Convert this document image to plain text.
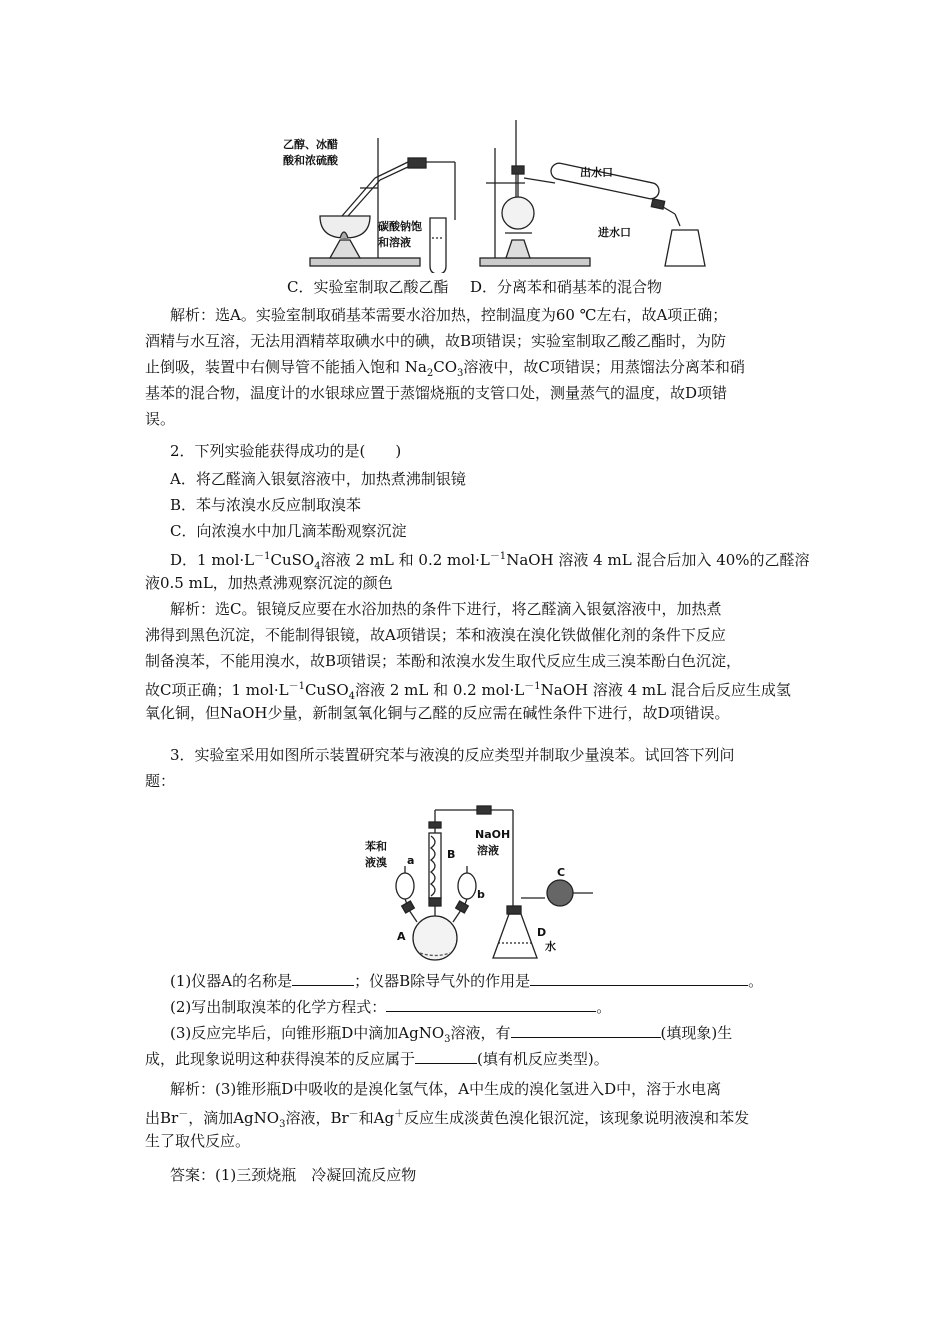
乙醇、冰醋
酸和浓硫酸
碳酸钠饱
和溶液
出水口
进水口
C．实验室制取乙酸乙酯 D．分离苯和硝基苯的混合物
解析：选A。实验室制取硝基苯需要水浴加热，控制温度为60 ℃左右，故A项正确；
酒精与水互溶，无法用酒精萃取碘水中的碘，故B项错误；实验室制取乙酸乙酯时，为防
止倒吸，装置中右侧导管不能插入饱和 $Na_2CO_3$溶液中，故C项错误；用蒸馏法分离苯和硝
基苯的混合物，温度计的水银球应置于蒸馏烧瓶的支管口处，测量蒸气的温度，故D项错
误。
2．下列实验能获得成功的是(　　)
A．将乙醛滴入银氨溶液中，加热煮沸制银镜
B．苯与浓溴水反应制取溴苯
C．向浓溴水中加几滴苯酚观察沉淀
D．1 $mol\cdot L^{-1}CuSO_4$溶液 2 mL 和 0.2 $mol\cdot L^{-1}NaOH$ 溶液 4 mL 混合后加入 40%的乙醛溶
液0.5 mL，加热煮沸观察沉淀的颜色
解析：选C。银镜反应要在水浴加热的条件下进行，将乙醛滴入银氨溶液中，加热煮
沸得到黑色沉淀，不能制得银镜，故A项错误；苯和液溴在溴化铁做催化剂的条件下反应
制备溴苯，不能用溴水，故B项错误；苯酚和浓溴水发生取代反应生成三溴苯酚白色沉淀，
故C项正确；1 $mol\cdot L^{-1}CuSO_4$溶液 2 mL 和 0.2 $mol\cdot L^{-1}NaOH$ 溶液 4 mL 混合后反应生成氢
氧化铜，但NaOH少量，新制氢氧化铜与乙醛的反应需在碱性条件下进行，故D项错误。
3．实验室采用如图所示装置研究苯与液溴的反应类型并制取少量溴苯。试回答下列问
题：
苯和
液溴 a	B
NaOH
溶液
b
C
A	D
水
(1)仪器A的名称是	；仪器B除导气外的作用是	。
(2)写出制取溴苯的化学方程式：	。
(3)反应完毕后，向锥形瓶D中滴加AgNO$_3$溶液，有	(填现象)生
成，此现象说明这种获得溴苯的反应属于	(填有机反应类型)。
解析：(3)锥形瓶D中吸收的是溴化氢气体，A中生成的溴化氢进入D中，溶于水电离
出Br－，滴加AgNO$_3$溶液，Br－和Ag＋反应生成淡黄色溴化银沉淀，该现象说明液溴和苯发
生了取代反应。
答案：(1)三颈烧瓶　冷凝回流反应物
